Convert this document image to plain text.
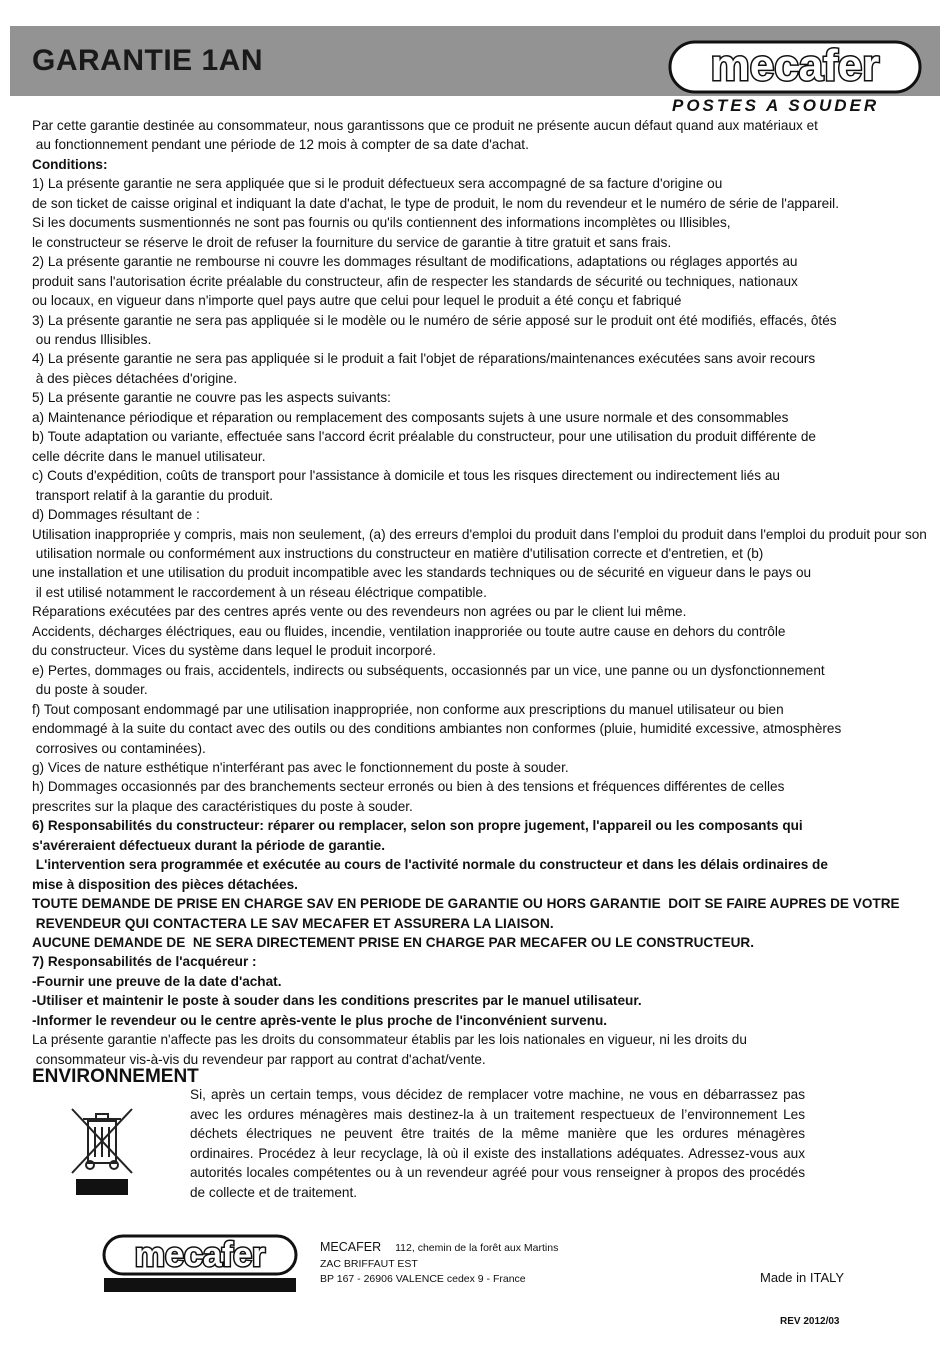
GARANTIE 1AN	mecafer
POSTES A SOUDER

Par cette garantie destinée au consommateur, nous garantissons que ce produit ne présente aucun défaut quand aux matériaux et

au fonctionnement pendant une période de 12 mois à compter de sa date d'achat.

Conditions:

1) La présente garantie ne sera appliquée que si le produit défectueux sera accompagné de sa facture d'origine ou

de son ticket de caisse original et indiquant la date d'achat, le type de produit, le nom du revendeur et le numéro de série de l'appareil.

Si les documents susmentionnés ne sont pas fournis ou qu'ils contiennent des informations incomplètes ou Illisibles,

le constructeur se réserve le droit de refuser la fourniture du service de garantie à titre gratuit et sans frais.

2) La présente garantie ne rembourse ni couvre les dommages résultant de modifications, adaptations ou réglages apportés au

produit sans l'autorisation écrite préalable du constructeur, afin de respecter les standards de sécurité ou techniques, nationaux

ou locaux, en vigueur dans n'importe quel pays autre que celui pour lequel le produit a été conçu et fabriqué

3) La présente garantie ne sera pas appliquée si le modèle ou le numéro de série apposé sur le produit ont été modifiés, effacés, ôtés

ou rendus Illisibles.

4) La présente garantie ne sera pas appliquée si le produit a fait l'objet de réparations/maintenances exécutées sans avoir recours

à des pièces détachées d'origine.

5) La présente garantie ne couvre pas les aspects suivants:

a) Maintenance périodique et réparation ou remplacement des composants sujets à une usure normale et des consommables

b) Toute adaptation ou variante, effectuée sans l'accord écrit préalable du constructeur, pour une utilisation du produit différente de

celle décrite dans le manuel utilisateur.

c) Couts d'expédition, coûts de transport pour l'assistance à domicile et tous les risques directement ou indirectement liés au

transport relatif à la garantie du produit.

d) Dommages résultant de :

Utilisation inappropriée y compris, mais non seulement, (a) des erreurs d'emploi du produit dans l'emploi du produit dans l'emploi du produit pour son

utilisation normale ou conformément aux instructions du constructeur en matière d'utilisation correcte et d'entretien, et (b)

une installation et une utilisation du produit incompatible avec les standards techniques ou de sécurité en vigueur dans le pays ou

il est utilisé notamment le raccordement à un réseau éléctrique compatible.

Réparations exécutées par des centres aprés vente ou des revendeurs non agrées ou par le client lui même.

Accidents, décharges éléctriques, eau ou fluides, incendie, ventilation inapproriée ou toute autre cause en dehors du contrôle

du constructeur. Vices du système dans lequel le produit incorporé.

e) Pertes, dommages ou frais, accidentels, indirects ou subséquents, occasionnés par un vice, une panne ou un dysfonctionnement

du poste à souder.

f) Tout composant endommagé par une utilisation inappropriée, non conforme aux prescriptions du manuel utilisateur ou bien

endommagé à la suite du contact avec des outils ou des conditions ambiantes non conformes (pluie, humidité excessive, atmosphères

corrosives ou contaminées).

g) Vices de nature esthétique n'interférant pas avec le fonctionnement du poste à souder.

h) Dommages occasionnés par des branchements secteur erronés ou bien à des tensions et fréquences différentes de celles

prescrites sur la plaque des caractéristiques du poste à souder.

6) Responsabilités du constructeur: réparer ou remplacer, selon son propre jugement, l'appareil ou les composants qui

s'avéreraient défectueux durant la période de garantie.

L'intervention sera programmée et exécutée au cours de l'activité normale du constructeur et dans les délais ordinaires de

mise à disposition des pièces détachées.

TOUTE DEMANDE DE PRISE EN CHARGE SAV EN PERIODE DE GARANTIE OU HORS GARANTIE  DOIT SE FAIRE AUPRES DE VOTRE

REVENDEUR QUI CONTACTERA LE SAV MECAFER ET ASSURERA LA LIAISON.

AUCUNE DEMANDE DE  NE SERA DIRECTEMENT PRISE EN CHARGE PAR MECAFER OU LE CONSTRUCTEUR.

7) Responsabilités de l'acquéreur :

-Fournir une preuve de la date d'achat.

-Utiliser et maintenir le poste à souder dans les conditions prescrites par le manuel utilisateur.

-Informer le revendeur ou le centre après-vente le plus proche de l'inconvénient survenu.

La présente garantie n'affecte pas les droits du consommateur établis par les lois nationales en vigueur, ni les droits du

consommateur vis-à-vis du revendeur par rapport au contrat d'achat/vente.

ENVIRONNEMENT

Si, après un certain temps, vous décidez de remplacer votre machine, ne vous en débarrassez pas avec les ordures ménagères mais destinez-la à un traitement respectueux de l’environnement Les déchets électriques ne peuvent être traités de la même manière que les ordures ménagères ordinaires. Procédez à leur recyclage, là où il existe des installations adéquates. Adressez-vous aux autorités locales compétentes ou à un revendeur agréé pour vous renseigner à propos des procédés de collecte et de traitement.

mecafer	MECAFER 112, chemin de la forêt aux Martins
ZAC BRIFFAUT EST
BP 167 - 26906 VALENCE cedex 9 - France	Made in ITALY
REV 2012/03
